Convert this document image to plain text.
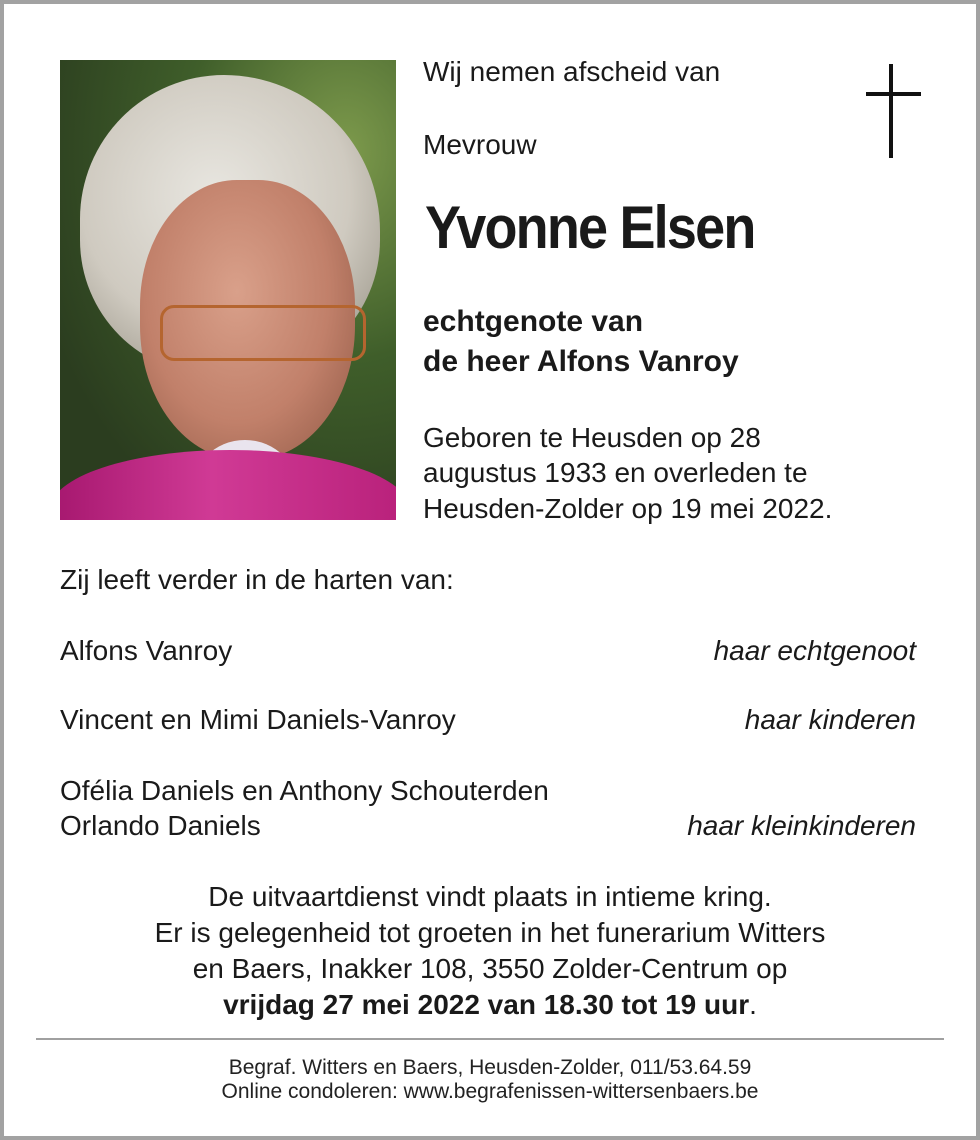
Wij nemen afscheid van
Mevrouw
Yvonne Elsen
echtgenote van
de heer Alfons Vanroy
Geboren te Heusden op 28
augustus 1933 en overleden te
Heusden-Zolder op 19 mei 2022.
Zij leeft verder in de harten van:
Alfons Vanroy	haar echtgenoot
Vincent en Mimi Daniels-Vanroy	haar kinderen
Ofélia Daniels en Anthony Schouterden
Orlando Daniels	haar kleinkinderen
De uitvaartdienst vindt plaats in intieme kring.
Er is gelegenheid tot groeten in het funerarium Witters
en Baers, Inakker 108, 3550 Zolder-Centrum op
vrijdag 27 mei 2022 van 18.30 tot 19 uur.
Begraf. Witters en Baers, Heusden-Zolder, 011/53.64.59
Online condoleren: www.begrafenissen-wittersenbaers.be
